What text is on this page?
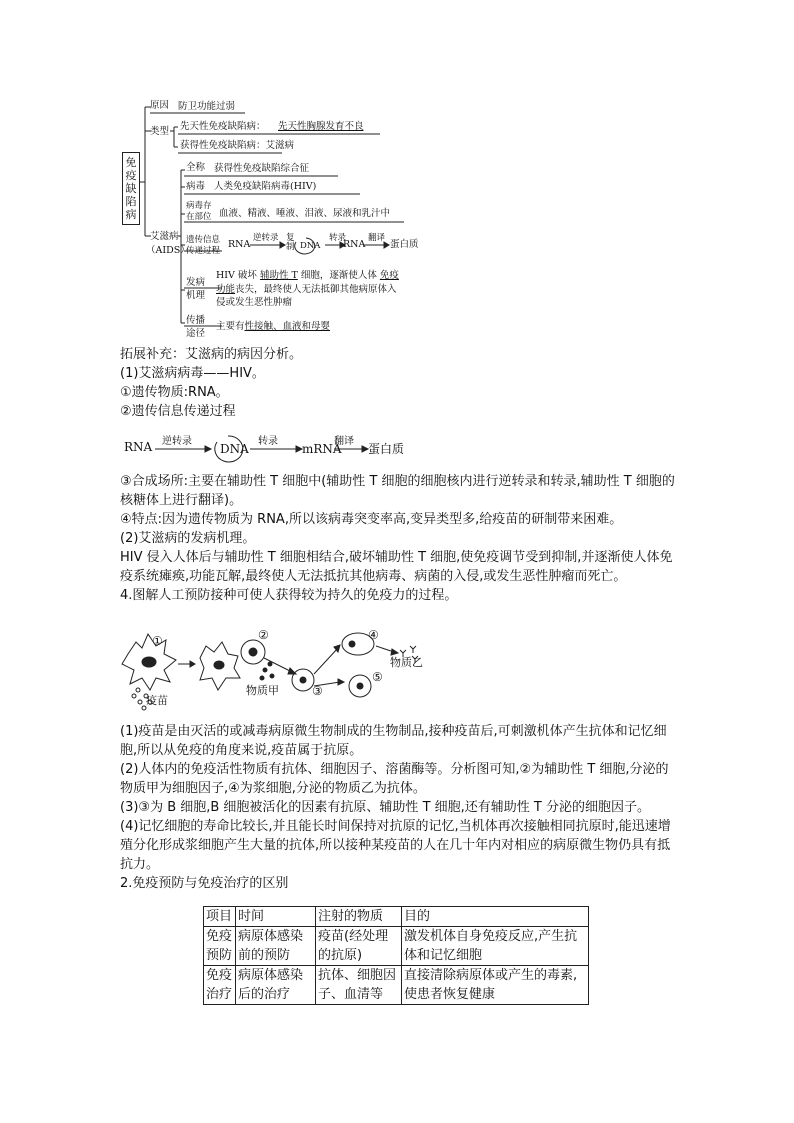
免疫缺陷病
原因 防卫功能过弱
类型 先天性免疫缺陷病： 先天性胸腺发育不良
获得性免疫缺陷病：艾滋病
艾滋病
（AIDS）
全称 获得性免疫缺陷综合征
病毒 人类免疫缺陷病毒(HIV)
病毒存
在部位 血液、精液、唾液、泪液、尿液和乳汁中
遗传信息
传递过程
RNA
逆转录 复制 DNA
转录
RNA
翻译
蛋白质
发病
机理
HIV 破坏 辅助性 T 细胞，逐渐使人体 免疫
功能丧失，最终使人无法抵御其他病原体入
侵或发生恶性肿瘤
传播
途径
主要有性接触、血液和母婴

拓展补充：艾滋病的病因分析。

(1)艾滋病病毒——HIV。

①遗传物质:RNA。

②遗传信息传递过程

RNA 逆转录
DNA
转录
mRNA
翻译
蛋白质

③合成场所:主要在辅助性 T 细胞中(辅助性 T 细胞的细胞核内进行逆转录和转录,辅助性 T 细胞的核糖体上进行翻译)。

④特点:因为遗传物质为 RNA,所以该病毒突变率高,变异类型多,给疫苗的研制带来困难。

(2)艾滋病的发病机理。

HIV 侵入人体后与辅助性 T 细胞相结合,破坏辅助性 T 细胞,使免疫调节受到抑制,并逐渐使人体免疫系统瘫痪,功能瓦解,最终使人无法抵抗其他病毒、病菌的入侵,或发生恶性肿瘤而死亡。

4.图解人工预防接种可使人获得较为持久的免疫力的过程。

①	②
③
④
⑤
疫苗
物质甲
物质乙

(1)疫苗是由灭活的或减毒病原微生物制成的生物制品,接种疫苗后,可刺激机体产生抗体和记忆细胞,所以从免疫的角度来说,疫苗属于抗原。

(2)人体内的免疫活性物质有抗体、细胞因子、溶菌酶等。分析图可知,②为辅助性 T 细胞,分泌的物质甲为细胞因子,④为浆细胞,分泌的物质乙为抗体。

(3)③为 B 细胞,B 细胞被活化的因素有抗原、辅助性 T 细胞,还有辅助性 T 分泌的细胞因子。

(4)记忆细胞的寿命比较长,并且能长时间保持对抗原的记忆,当机体再次接触相同抗原时,能迅速增殖分化形成浆细胞产生大量的抗体,所以接种某疫苗的人在几十年内对相应的病原微生物仍具有抵抗力。

2.免疫预防与免疫治疗的区别

项目	时间	注射的物质	目的
免疫预防	病原体感染前的预防	疫苗(经处理的抗原)	激发机体自身免疫反应,产生抗体和记忆细胞
免疫治疗	病原体感染后的治疗	抗体、细胞因子、血清等	直接清除病原体或产生的毒素,使患者恢复健康
